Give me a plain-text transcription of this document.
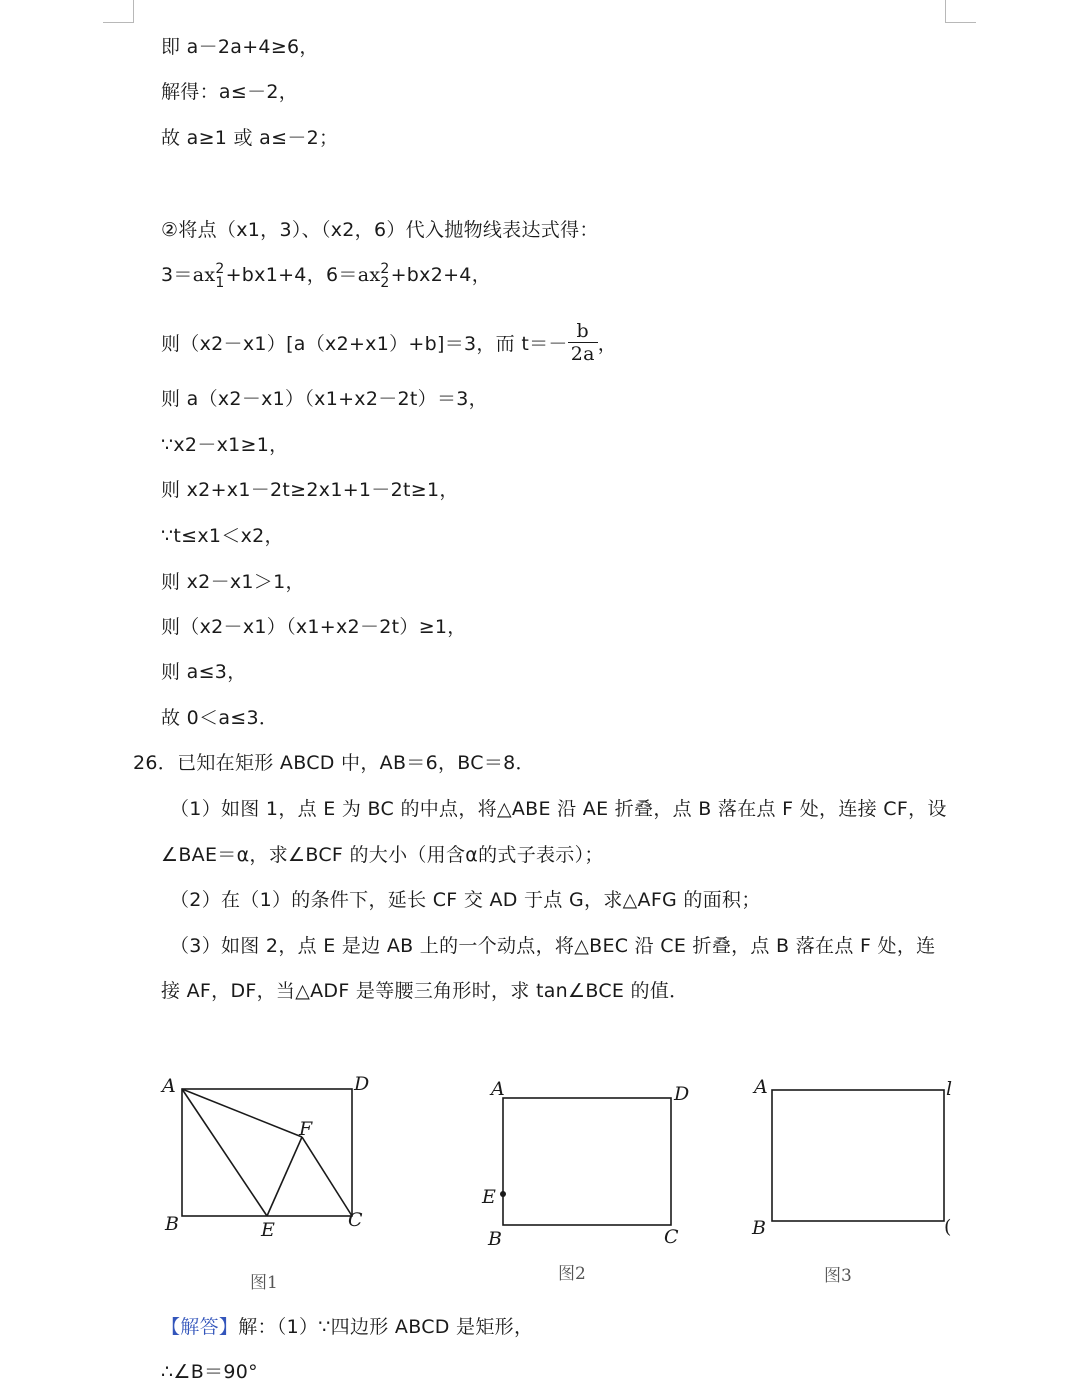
即 a－2a+4≥6，
解得：a≤－2，
故 a≥1 或 a≤－2；
②将点（x1，3）、（x2，6）代入抛物线表达式得：
3＝ax 2
1 +bx1+4，6＝ax 2
2 +bx2+4，
则（x2－x1）[a（x2+x1）+b]＝3，而 $t=- \frac{b}{2a}$ ，
则 a（x2－x1）（x1+x2－2t）＝3，
∵x2－x1≥1，
则 x2+x1－2t≥2x1+1－2t≥1，
∵t≤x1＜x2，
则 x2－x1＞1，
则（x2－x1）（x1+x2－2t）≥1，
则 a≤3，
故 0＜a≤3．
26．已知在矩形 ABCD 中，AB＝6，BC＝8．
（1）如图 1，点 E 为 BC 的中点，将△ABE 沿 AE 折叠，点 B 落在点 F 处，连接 CF，设
∠BAE＝α，求∠BCF 的大小（用含α的式子表示）；
（2）在（1）的条件下，延长 CF 交 AD 于点 G，求△AFG 的面积；
（3）如图 2，点 E 是边 AB 上的一个动点，将△BEC 沿 CE 折叠，点 B 落在点 F 处，连
接 AF，DF，当△ADF 是等腰三角形时，求 tan∠BCE 的值．
A	D
F
B	E	C
A	D
E
B	C
A	l
B	(
图1	图2	图3
【解答】解：（1）∵四边形 ABCD 是矩形，
∴∠B＝90°
